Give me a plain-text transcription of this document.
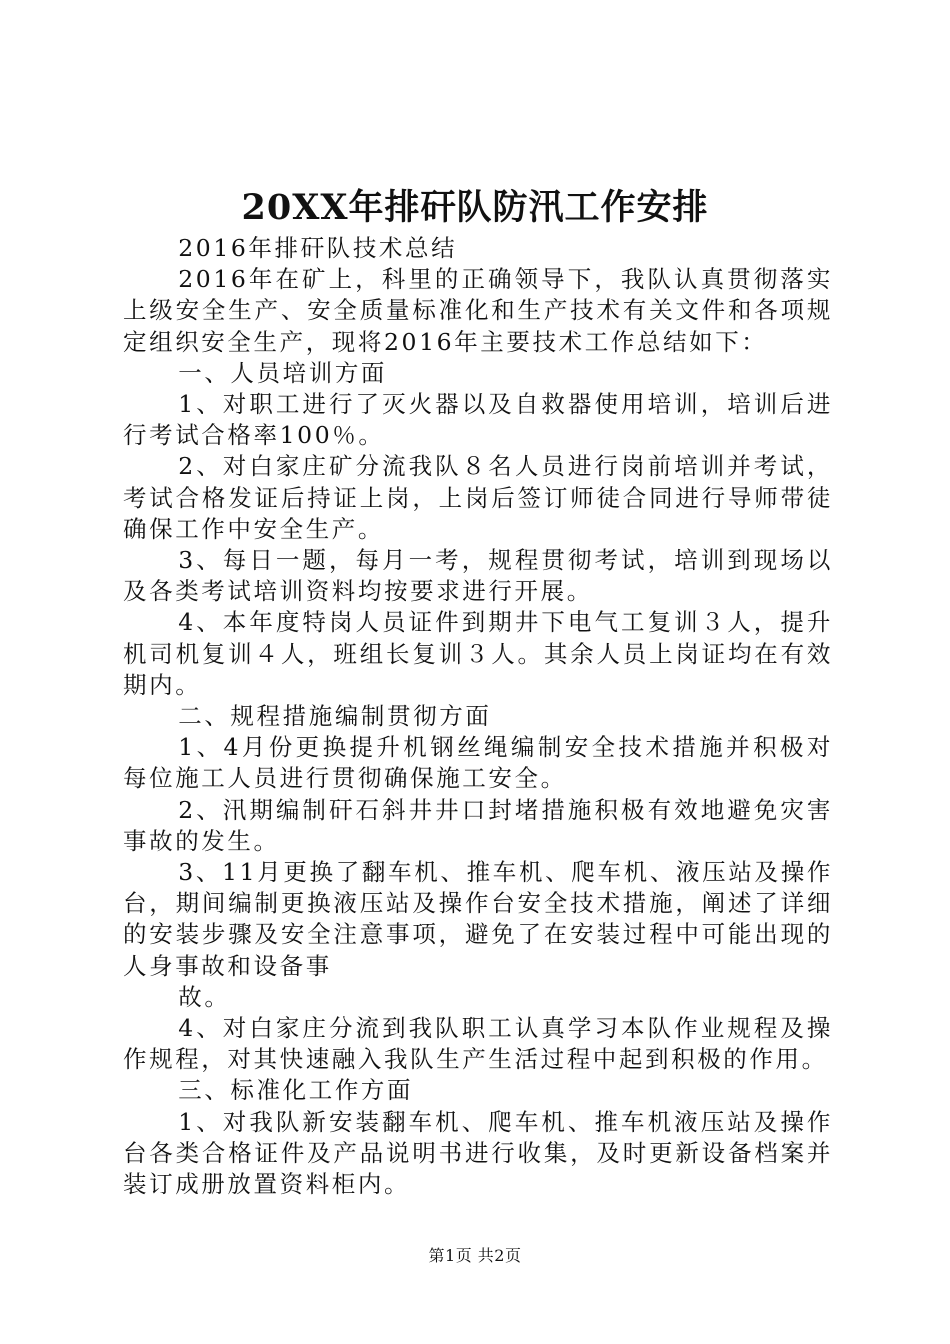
20XX年排矸队防汛工作安排

2016年排矸队技术总结

2016年在矿上，科里的正确领导下，我队认真贯彻落实上级安全生产、安全质量标准化和生产技术有关文件和各项规定组织安全生产，现将2016年主要技术工作总结如下：

一、人员培训方面

1、对职工进行了灭火器以及自救器使用培训，培训后进行考试合格率100％。

2、对白家庄矿分流我队８名人员进行岗前培训并考试，考试合格发证后持证上岗，上岗后签订师徒合同进行导师带徒确保工作中安全生产。

3、每日一题，每月一考，规程贯彻考试，培训到现场以及各类考试培训资料均按要求进行开展。

4、本年度特岗人员证件到期井下电气工复训３人，提升机司机复训４人，班组长复训３人。其余人员上岗证均在有效期内。

二、规程措施编制贯彻方面

1、4月份更换提升机钢丝绳编制安全技术措施并积极对每位施工人员进行贯彻确保施工安全。

2、汛期编制矸石斜井井口封堵措施积极有效地避免灾害事故的发生。

3、11月更换了翻车机、推车机、爬车机、液压站及操作台，期间编制更换液压站及操作台安全技术措施，阐述了详细的安装步骤及安全注意事项，避免了在安装过程中可能出现的人身事故和设备事

故。

4、对白家庄分流到我队职工认真学习本队作业规程及操作规程，对其快速融入我队生产生活过程中起到积极的作用。

三、标准化工作方面

1、对我队新安装翻车机、爬车机、推车机液压站及操作台各类合格证件及产品说明书进行收集，及时更新设备档案并装订成册放置资料柜内。

第1页 共2页
